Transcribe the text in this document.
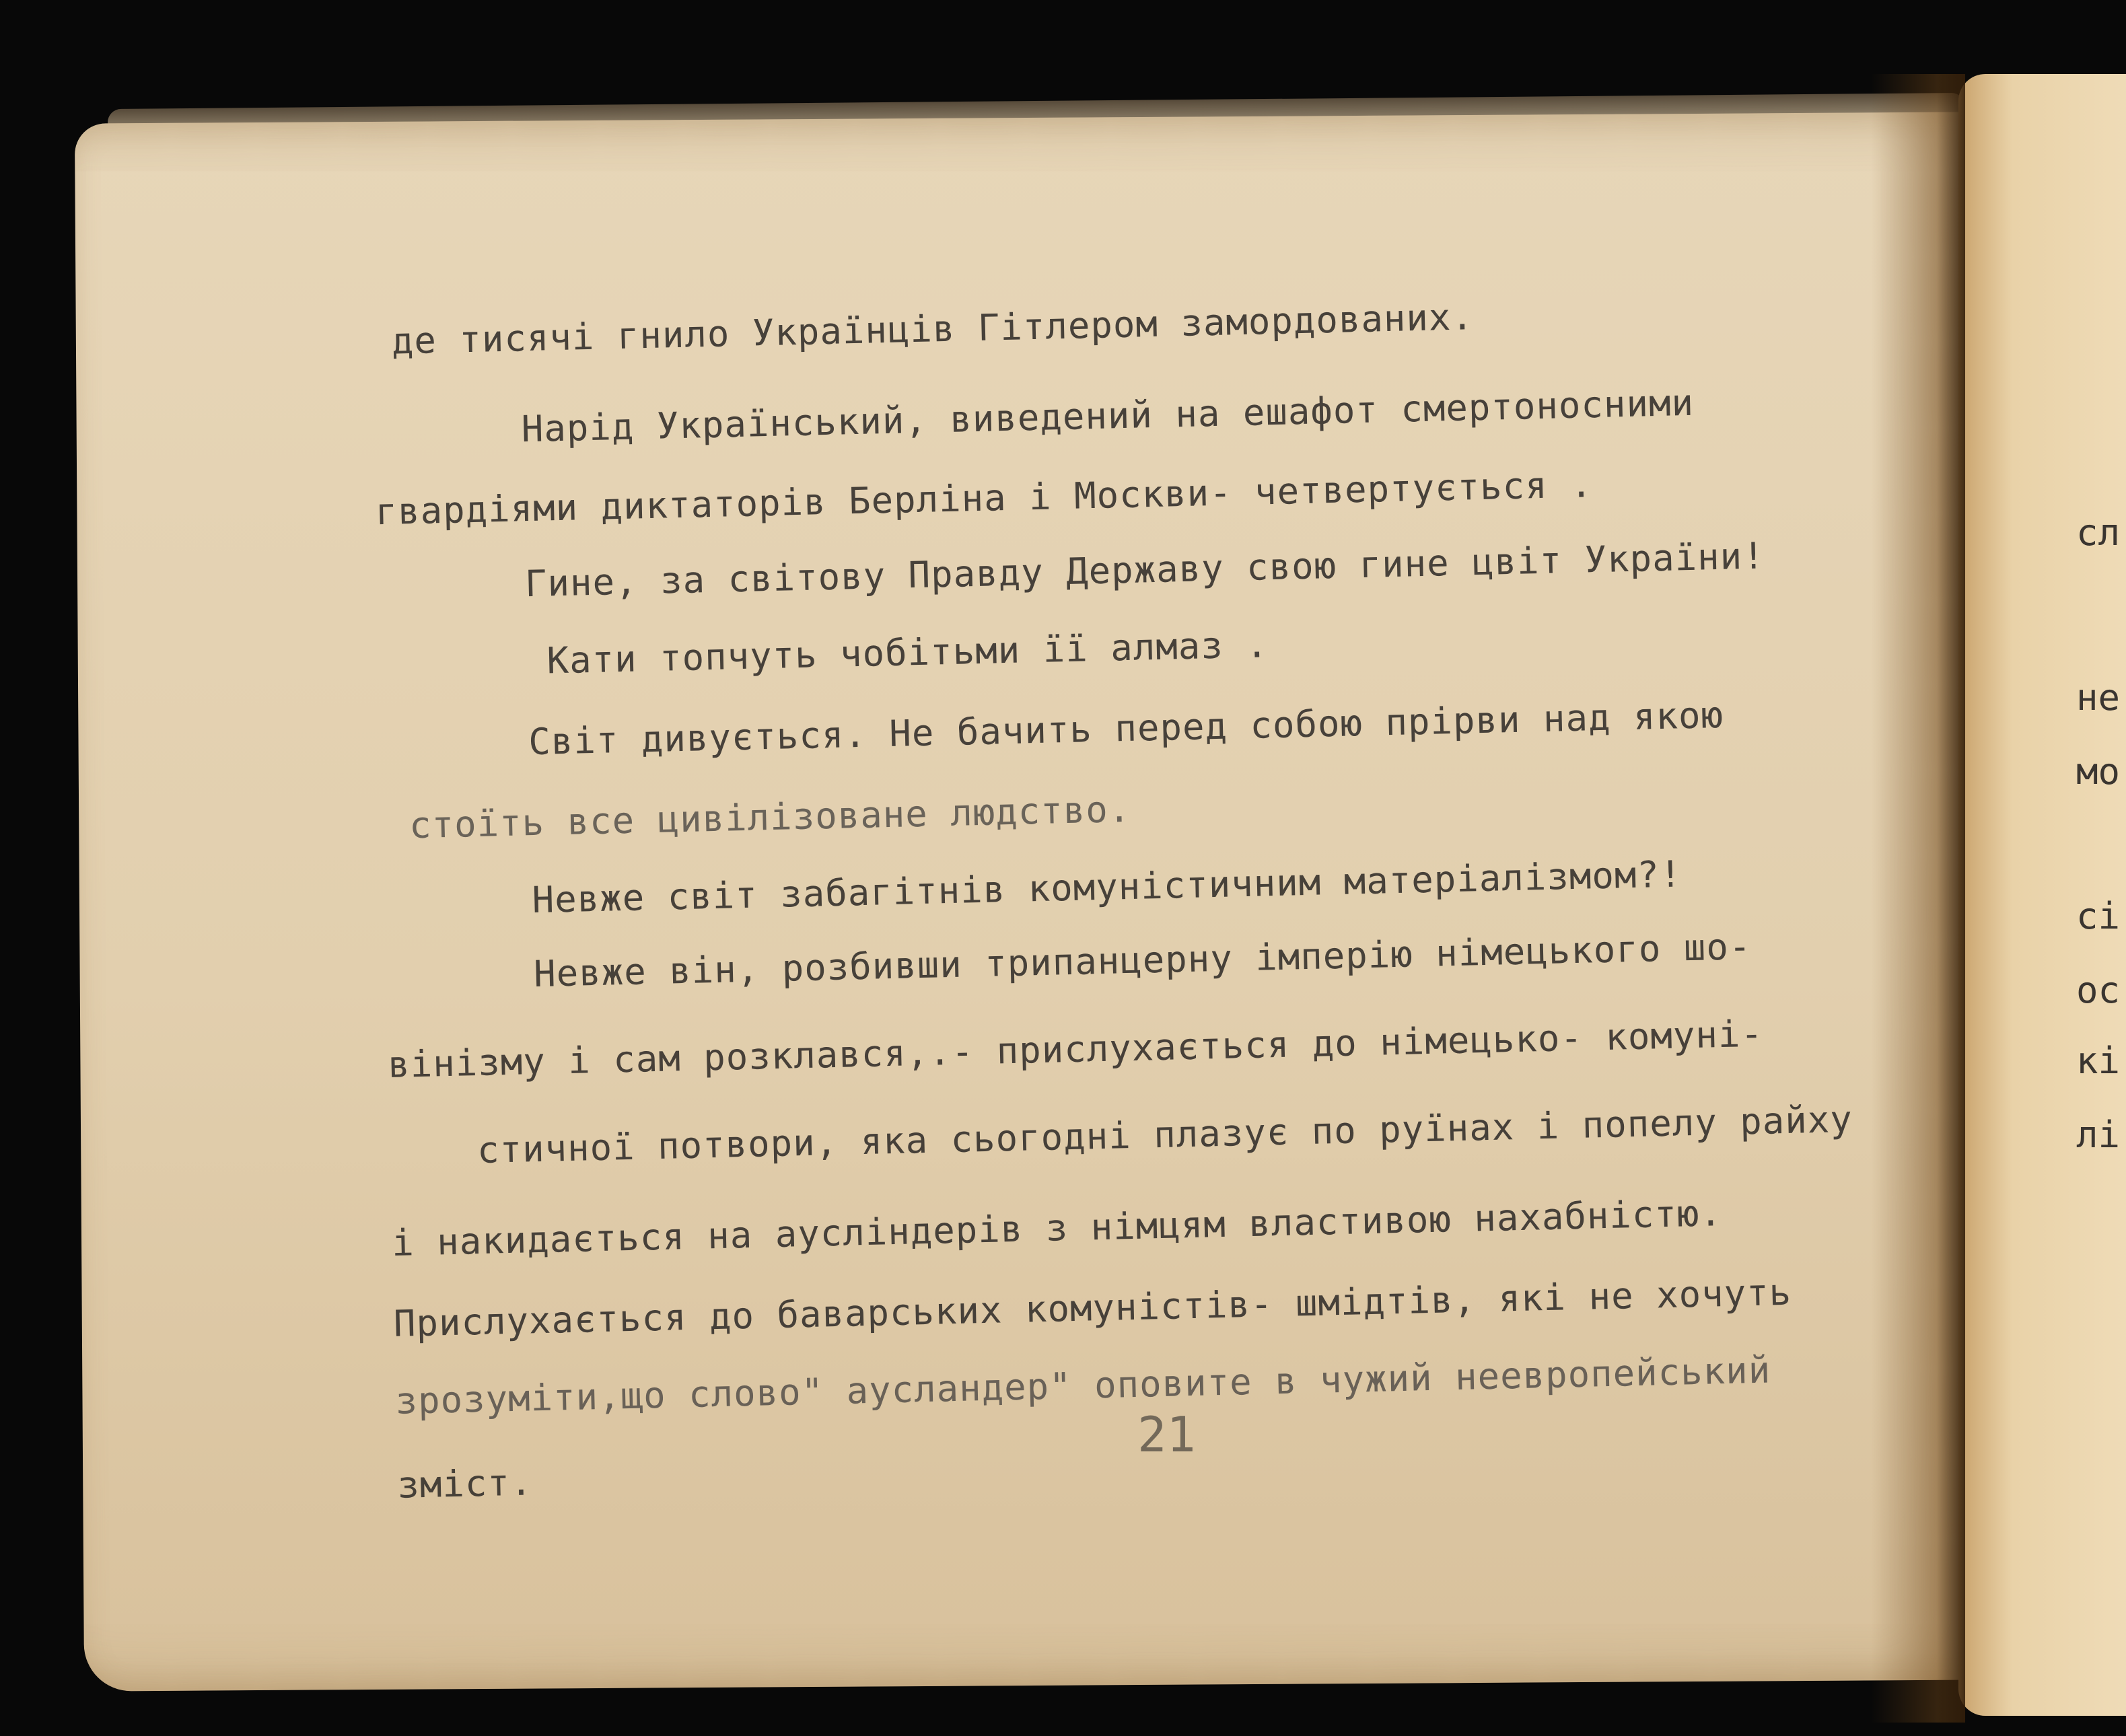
де тисячі гнило Українців Гітлером замордованих.
Нарід Український, виведений на ешафот смертоносними
гвардіями диктаторів Берліна і Москви- четвертується .
Гине, за світову Правду Державу свою гине цвіт України!
Кати топчуть чобітьми її алмаз .
Світ дивується. Не бачить перед собою прірви над якою
стоїть все цивілізоване людство.
Невже світ забагітнів комуністичним матеріалізмом?!
Невже він, розбивши трипанцерну імперію німецького шо-
вінізму і сам розклався,.- прислухається до німецько- комуні-
стичної потвори, яка сьогодні плазує по руїнах і попелу райху
і накидається на аусліндерів з німцям властивою нахабністю.
Прислухається до баварських комуністів- шмідтів, які не хочуть
зрозуміти,що слово" аусландер" оповите в чужий неевропейський
зміст.
21
сл
не
мо
сі
ос
кі
лі
